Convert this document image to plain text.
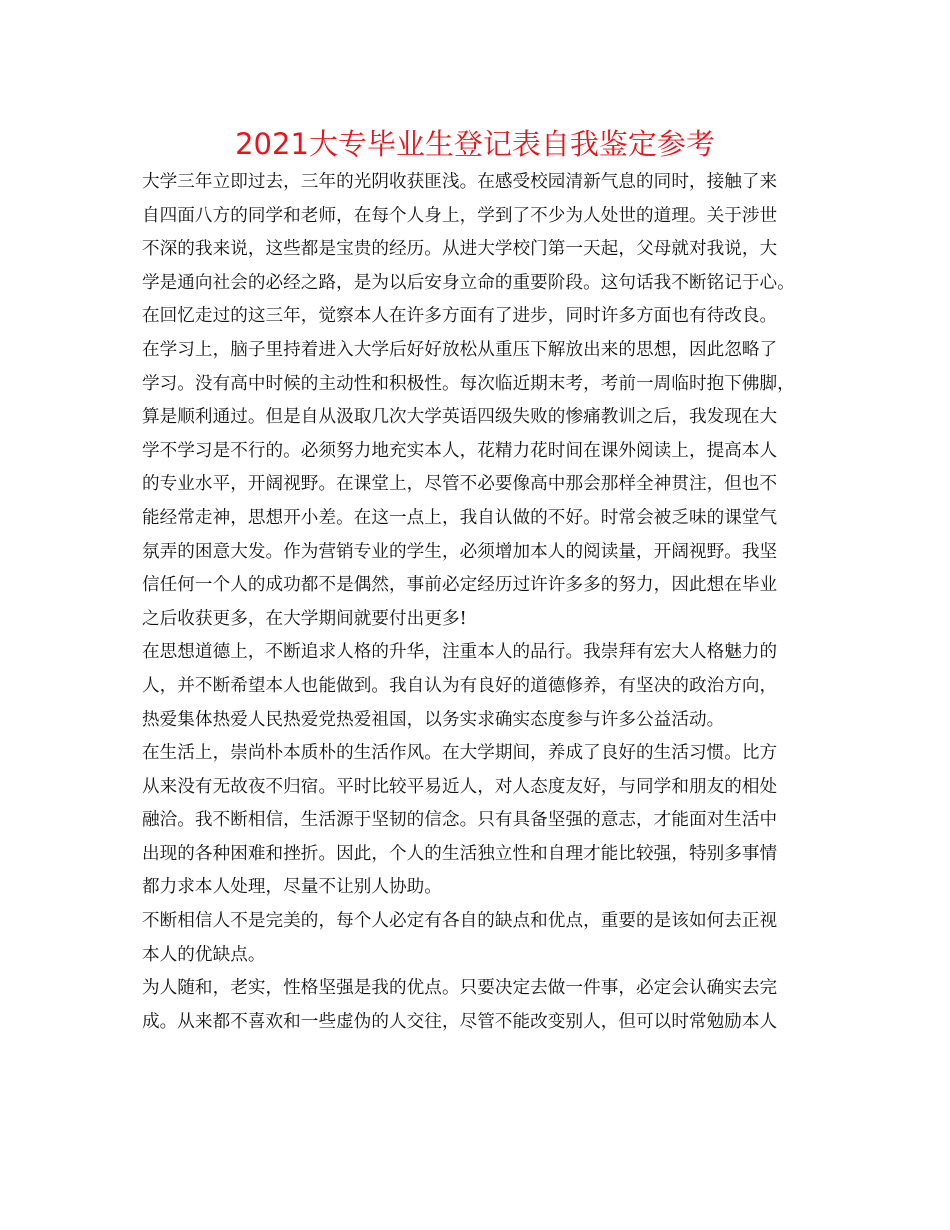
2021大专毕业生登记表自我鉴定参考
大学三年立即过去，三年的光阴收获匪浅。在感受校园清新气息的同时，接触了来
自四面八方的同学和老师，在每个人身上，学到了不少为人处世的道理。关于涉世
不深的我来说，这些都是宝贵的经历。从进大学校门第一天起，父母就对我说，大
学是通向社会的必经之路，是为以后安身立命的重要阶段。这句话我不断铭记于心。
在回忆走过的这三年，觉察本人在许多方面有了进步，同时许多方面也有待改良。
在学习上，脑子里持着进入大学后好好放松从重压下解放出来的思想，因此忽略了
学习。没有高中时候的主动性和积极性。每次临近期末考，考前一周临时抱下佛脚，
算是顺利通过。但是自从汲取几次大学英语四级失败的惨痛教训之后，我发现在大
学不学习是不行的。必须努力地充实本人，花精力花时间在课外阅读上，提高本人
的专业水平，开阔视野。在课堂上，尽管不必要像高中那会那样全神贯注，但也不
能经常走神，思想开小差。在这一点上，我自认做的不好。时常会被乏味的课堂气
氛弄的困意大发。作为营销专业的学生，必须增加本人的阅读量，开阔视野。我坚
信任何一个人的成功都不是偶然，事前必定经历过许许多多的努力，因此想在毕业
之后收获更多，在大学期间就要付出更多!
在思想道德上，不断追求人格的升华，注重本人的品行。我崇拜有宏大人格魅力的
人，并不断希望本人也能做到。我自认为有良好的道德修养，有坚决的政治方向，
热爱集体热爱人民热爱党热爱祖国，以务实求确实态度参与许多公益活动。
在生活上，崇尚朴本质朴的生活作风。在大学期间，养成了良好的生活习惯。比方
从来没有无故夜不归宿。平时比较平易近人，对人态度友好，与同学和朋友的相处
融洽。我不断相信，生活源于坚韧的信念。只有具备坚强的意志，才能面对生活中
出现的各种困难和挫折。因此，个人的生活独立性和自理才能比较强，特别多事情
都力求本人处理，尽量不让别人协助。
不断相信人不是完美的，每个人必定有各自的缺点和优点，重要的是该如何去正视
本人的优缺点。
为人随和，老实，性格坚强是我的优点。只要决定去做一件事，必定会认确实去完
成。从来都不喜欢和一些虚伪的人交往，尽管不能改变别人，但可以时常勉励本人
